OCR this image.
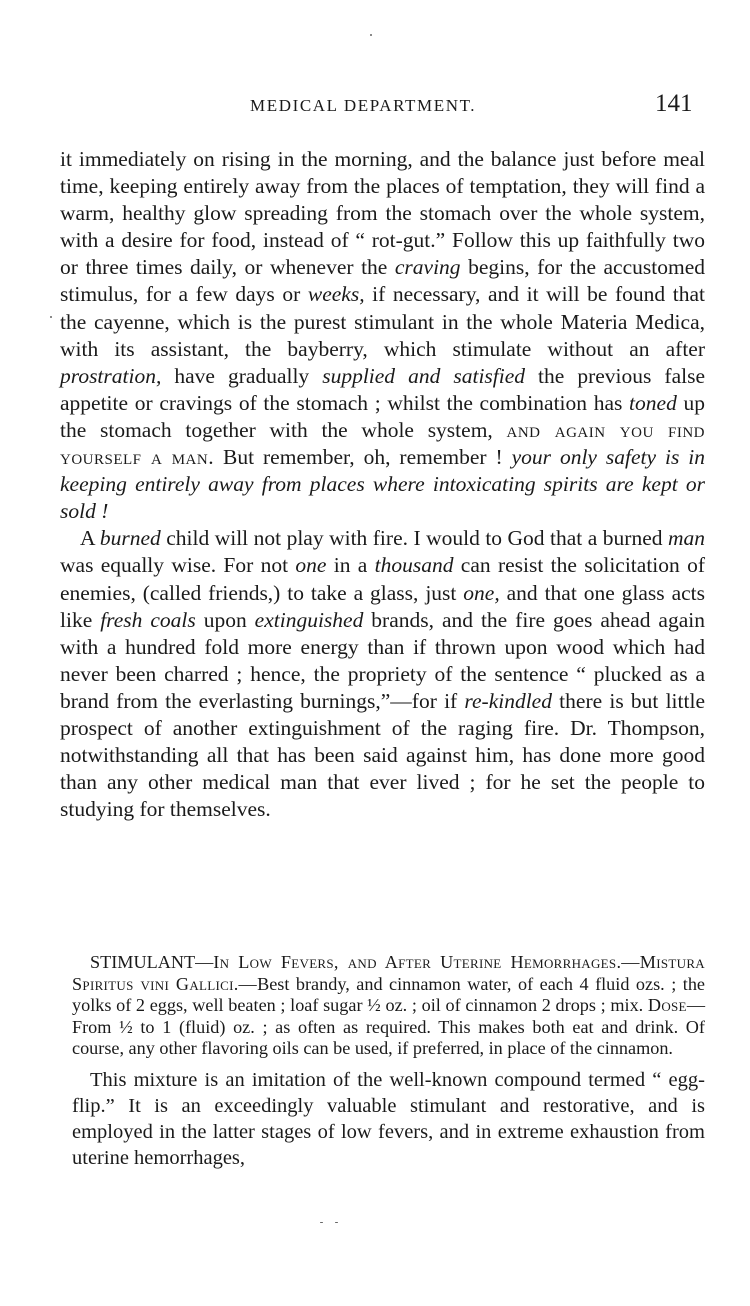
MEDICAL DEPARTMENT.	141

it immediately on rising in the morning, and the balance just before meal time, keeping entirely away from the places of temptation, they will find a warm, healthy glow spreading from the stomach over the whole system, with a desire for food, instead of “ rot-gut.” Follow this up faithfully two or three times daily, or whenever the craving begins, for the accustomed stimulus, for a few days or weeks, if necessary, and it will be found that the cayenne, which is the purest stimulant in the whole Materia Medica, with its assistant, the bayberry, which stimulate without an after prostration, have gradually supplied and satisfied the previous false appetite or cravings of the stomach ; whilst the combination has toned up the stomach together with the whole system, and again you find yourself a man. But remember, oh, remember ! your only safety is in keeping entirely away from places where intoxicating spirits are kept or sold !

A burned child will not play with fire. I would to God that a burned man was equally wise. For not one in a thousand can resist the solicitation of enemies, (called friends,) to take a glass, just one, and that one glass acts like fresh coals upon extinguished brands, and the fire goes ahead again with a hundred fold more energy than if thrown upon wood which had never been charred ; hence, the propriety of the sentence “ plucked as a brand from the everlasting burnings,”—for if re-kindled there is but little prospect of another extinguishment of the raging fire. Dr. Thompson, notwithstanding all that has been said against him, has done more good than any other medical man that ever lived ; for he set the people to studying for themselves.

STIMULANT—In Low Fevers, and After Uterine Hemorrhages.—Mistura Spiritus vini Gallici.—Best brandy, and cinnamon water, of each 4 fluid ozs. ; the yolks of 2 eggs, well beaten ; loaf sugar ½ oz. ; oil of cinnamon 2 drops ; mix. Dose—From ½ to 1 (fluid) oz. ; as often as required. This makes both eat and drink. Of course, any other flavoring oils can be used, if preferred, in place of the cinnamon.

This mixture is an imitation of the well-known compound termed “ egg-flip.” It is an exceedingly valuable stimulant and restorative, and is employed in the latter stages of low fevers, and in extreme exhaustion from uterine hemorrhages,
